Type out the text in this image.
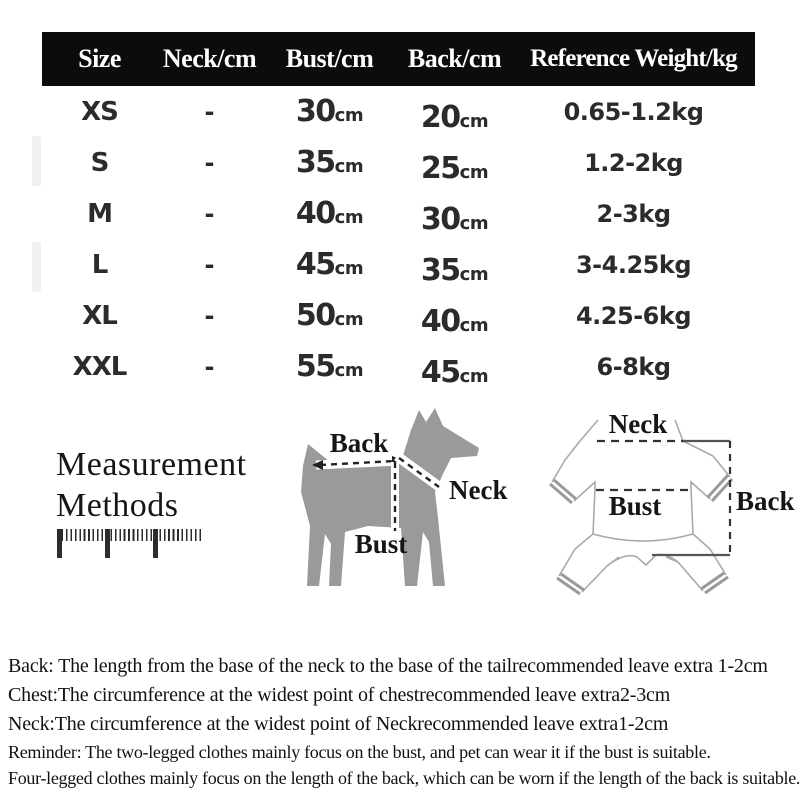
Size	Neck/cm	Bust/cm	Back/cm	Reference Weight/kg
XS	-	30cm	20cm	0.65-1.2kg
S	-	35cm	25cm	1.2-2kg
M	-	40cm	30cm	2-3kg
L	-	45cm	35cm	3-4.25kg
XL	-	50cm	40cm	4.25-6kg
XXL	-	55cm	45cm	6-8kg
Measurement
Methods
Back
Neck
Bust
Neck
Bust	Back

Back: The length from the base of the neck to the base of the tailrecommended leave extra 1-2cm

Chest:The circumference at the widest point of chestrecommended leave extra2-3cm

Neck:The circumference at the widest point of Neckrecommended leave extra1-2cm

Reminder: The two-legged clothes mainly focus on the bust, and pet can wear it if the bust is suitable.

Four-legged clothes mainly focus on the length of the back, which can be worn if the length of the back is suitable.
